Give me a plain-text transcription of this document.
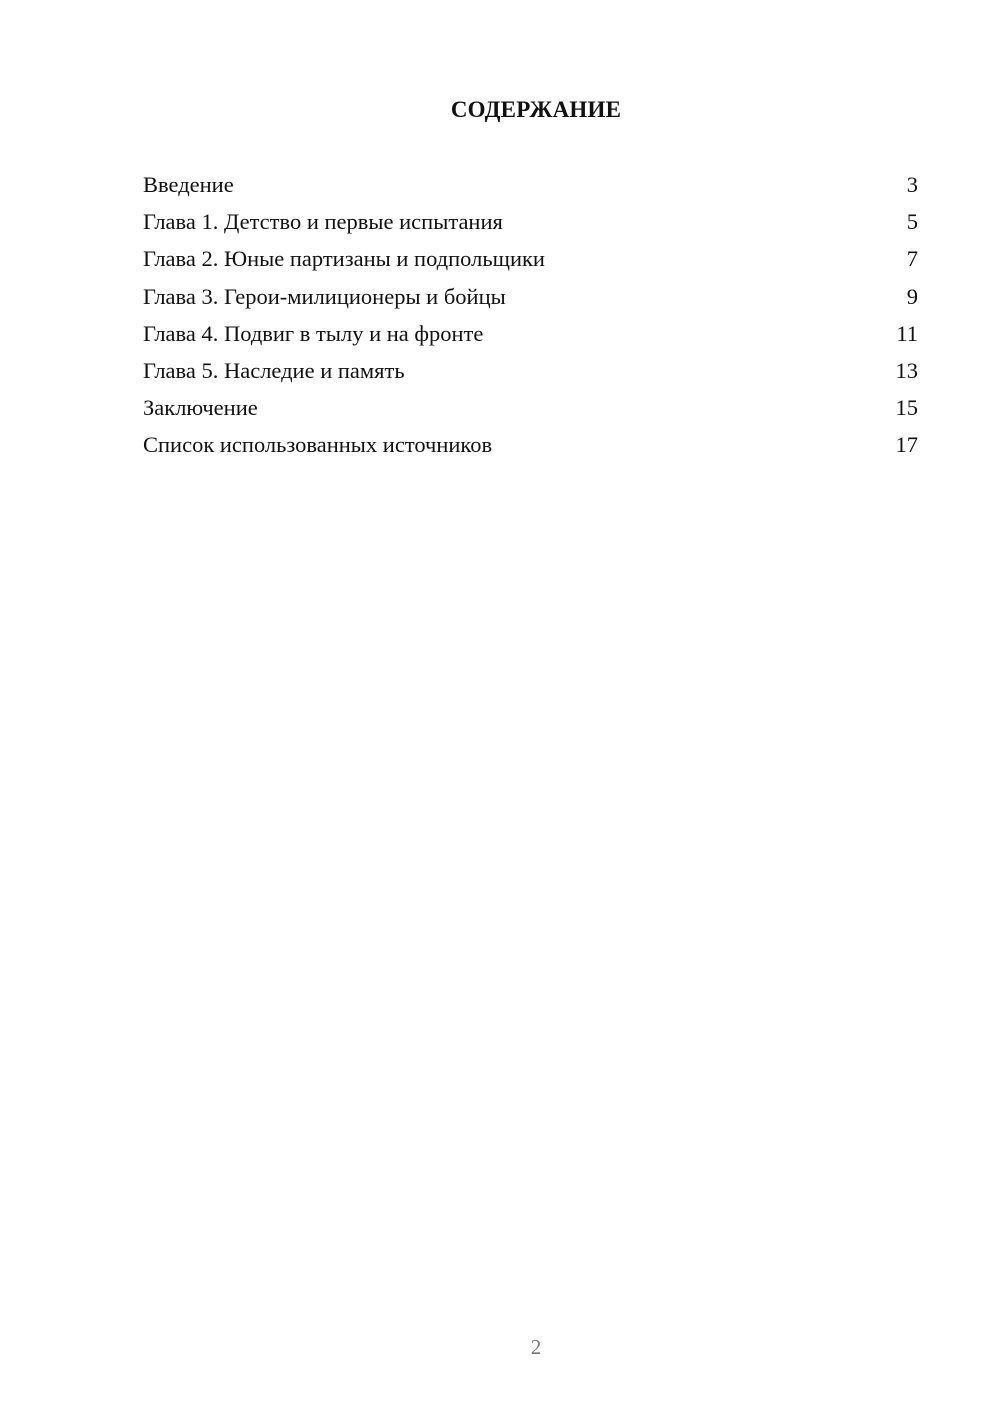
СОДЕРЖАНИЕ
Введение	3
Глава 1. Детство и первые испытания	5
Глава 2. Юные партизаны и подпольщики	7
Глава 3. Герои-милиционеры и бойцы	9
Глава 4. Подвиг в тылу и на фронте	11
Глава 5. Наследие и память	13
Заключение	15
Список использованных источников	17
2
